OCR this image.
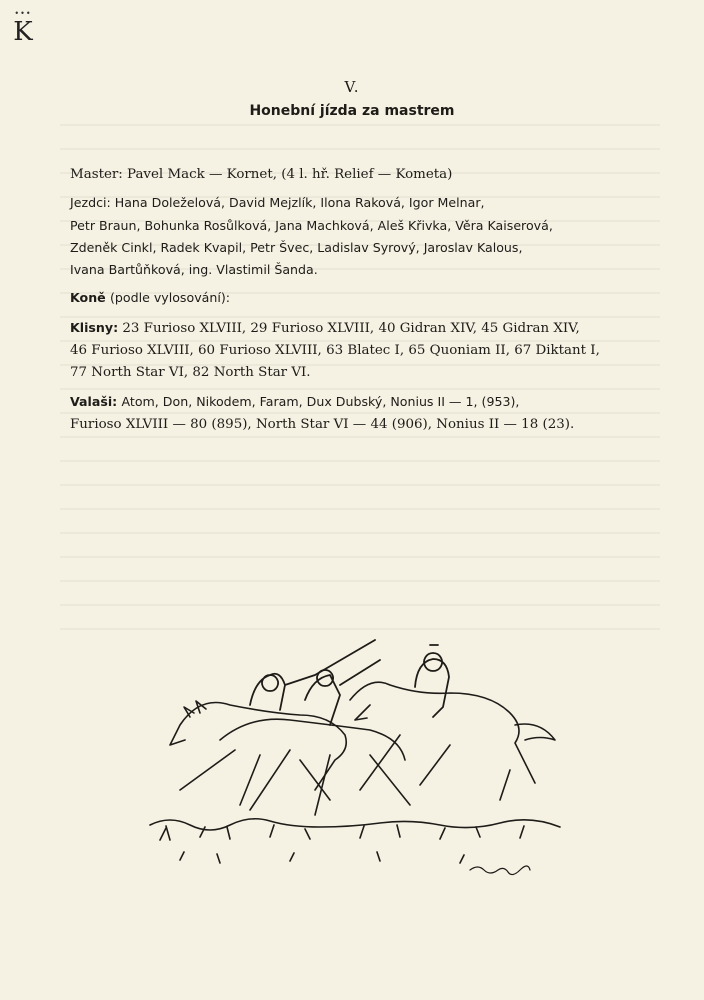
•••
K
V.
Honební jízda za mastrem

Master: Pavel Mack — Kornet, (4 l. hř. Relief — Kometa)

Jezdci: Hana Doleželová, David Mejzlík, Ilona Raková, Igor Melnar,
Petr Braun, Bohunka Rosůlková, Jana Machková, Aleš Křivka, Věra Kaiserová,
Zdeněk Cinkl, Radek Kvapil, Petr Švec, Ladislav Syrový, Jaroslav Kalous,
Ivana Bartůňková, ing. Vlastimil Šanda.

Koně (podle vylosování):

Klisny: 23 Furioso XLVIII, 29 Furioso XLVIII, 40 Gidran XIV, 45 Gidran XIV,
46 Furioso XLVIII, 60 Furioso XLVIII, 63 Blatec I, 65 Quoniam II, 67 Diktant I,
77 North Star VI, 82 North Star VI.

Valaši: Atom, Don, Nikodem, Faram, Dux Dubský, Nonius II — 1, (953),
Furioso XLVIII — 80 (895), North Star VI — 44 (906), Nonius II — 18 (23).
